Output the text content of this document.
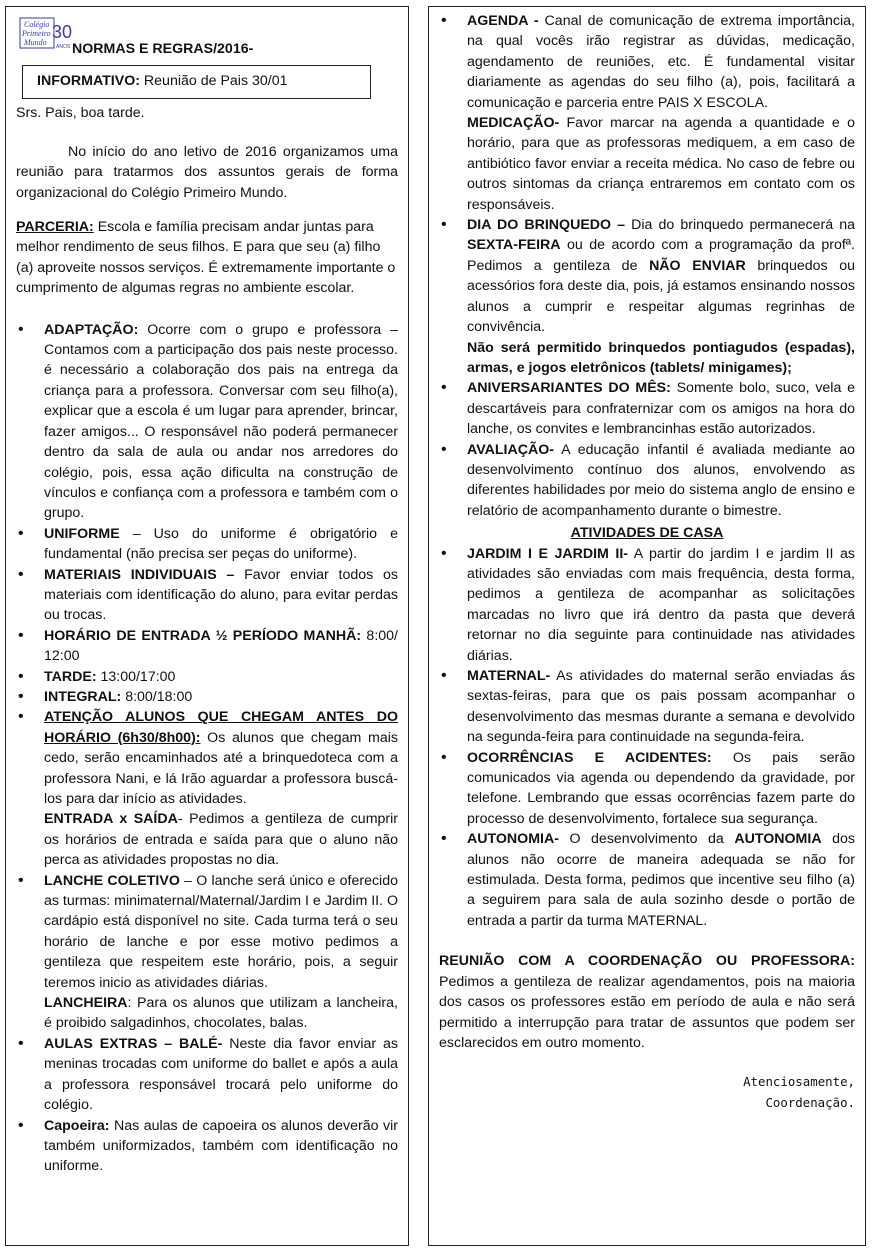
Colégio
Primeiro
Mundo
30
ANOS NORMAS E REGRAS/2016-
INFORMATIVO: Reunião de Pais 30/01

Srs. Pais, boa tarde.

No início do ano letivo de 2016 organizamos uma reunião para tratarmos dos assuntos gerais de forma organizacional do Colégio Primeiro Mundo.

PARCERIA: Escola e família precisam andar juntas para melhor rendimento de seus filhos. E para que seu (a) filho (a) aproveite nossos serviços. É extremamente importante o cumprimento de algumas regras no ambiente escolar.

• ADAPTAÇÃO: Ocorre com o grupo e professora – Contamos com a participação dos pais neste processo. é necessário a colaboração dos pais na entrega da criança para a professora. Conversar com seu filho(a), explicar que a escola é um lugar para aprender, brincar, fazer amigos... O responsável não poderá permanecer dentro da sala de aula ou andar nos arredores do colégio, pois, essa ação dificulta na construção de vínculos e confiança com a professora e também com o grupo.
• UNIFORME – Uso do uniforme é obrigatório e fundamental (não precisa ser peças do uniforme).
• MATERIAIS INDIVIDUAIS – Favor enviar todos os materiais com identificação do aluno, para evitar perdas ou trocas.
• HORÁRIO DE ENTRADA ½ PERÍODO MANHÃ: 8:00/ 12:00
• TARDE: 13:00/17:00
• INTEGRAL: 8:00/18:00
• ATENÇÃO ALUNOS QUE CHEGAM ANTES DO HORÁRIO (6h30/8h00): Os alunos que chegam mais cedo, serão encaminhados até a brinquedoteca com a professora Nani, e lá Irão aguardar a professora buscá-los para dar início as atividades.
ENTRADA x SAÍDA- Pedimos a gentileza de cumprir os horários de entrada e saída para que o aluno não perca as atividades propostas no dia.
• LANCHE COLETIVO – O lanche será único e oferecido as turmas: minimaternal/Maternal/Jardim I e Jardim II. O cardápio está disponível no site. Cada turma terá o seu horário de lanche e por esse motivo pedimos a gentileza que respeitem este horário, pois, a seguir teremos inicio as atividades diárias.
LANCHEIRA: Para os alunos que utilizam a lancheira, é proibido salgadinhos, chocolates, balas.
• AULAS EXTRAS – BALÉ- Neste dia favor enviar as meninas trocadas com uniforme do ballet e após a aula a professora responsável trocará pelo uniforme do colégio.
• Capoeira: Nas aulas de capoeira os alunos deverão vir também uniformizados, também com identificação no uniforme.
• AGENDA - Canal de comunicação de extrema importância, na qual vocês irão registrar as dúvidas, medicação, agendamento de reuniões, etc. É fundamental visitar diariamente as agendas do seu filho (a), pois, facilitará a comunicação e parceria entre PAIS X ESCOLA.
MEDICAÇÃO- Favor marcar na agenda a quantidade e o horário, para que as professoras mediquem, a em caso de antibiótico favor enviar a receita médica. No caso de febre ou outros sintomas da criança entraremos em contato com os responsáveis.
• DIA DO BRINQUEDO – Dia do brinquedo permanecerá na SEXTA-FEIRA ou de acordo com a programação da profª. Pedimos a gentileza de NÃO ENVIAR brinquedos ou acessórios fora deste dia, pois, já estamos ensinando nossos alunos a cumprir e respeitar algumas regrinhas de convivência.
Não será permitido brinquedos pontiagudos (espadas), armas, e jogos eletrônicos (tablets/ minigames);
• ANIVERSARIANTES DO MÊS: Somente bolo, suco, vela e descartáveis para confraternizar com os amigos na hora do lanche, os convites e lembrancinhas estão autorizados.
• AVALIAÇÃO- A educação infantil é avaliada mediante ao desenvolvimento contínuo dos alunos, envolvendo as diferentes habilidades por meio do sistema anglo de ensino e relatório de acompanhamento durante o bimestre.
ATIVIDADES DE CASA
• JARDIM I E JARDIM II- A partir do jardim I e jardim II as atividades são enviadas com mais frequência, desta forma, pedimos a gentileza de acompanhar as solicitações marcadas no livro que irá dentro da pasta que deverá retornar no dia seguinte para continuidade nas atividades diárias.
• MATERNAL- As atividades do maternal serão enviadas ás sextas-feiras, para que os pais possam acompanhar o desenvolvimento das mesmas durante a semana e devolvido na segunda-feira para continuidade na segunda-feira.
• OCORRÊNCIAS E ACIDENTES: Os pais serão comunicados via agenda ou dependendo da gravidade, por telefone. Lembrando que essas ocorrências fazem parte do processo de desenvolvimento, fortalece sua segurança.
• AUTONOMIA- O desenvolvimento da AUTONOMIA dos alunos não ocorre de maneira adequada se não for estimulada. Desta forma, pedimos que incentive seu filho (a) a seguirem para sala de aula sozinho desde o portão de entrada a partir da turma MATERNAL.

REUNIÃO COM A COORDENAÇÃO OU PROFESSORA: Pedimos a gentileza de realizar agendamentos, pois na maioria dos casos os professores estão em período de aula e não será permitido a interrupção para tratar de assuntos que podem ser esclarecidos em outro momento.

Atenciosamente,
Coordenação.
